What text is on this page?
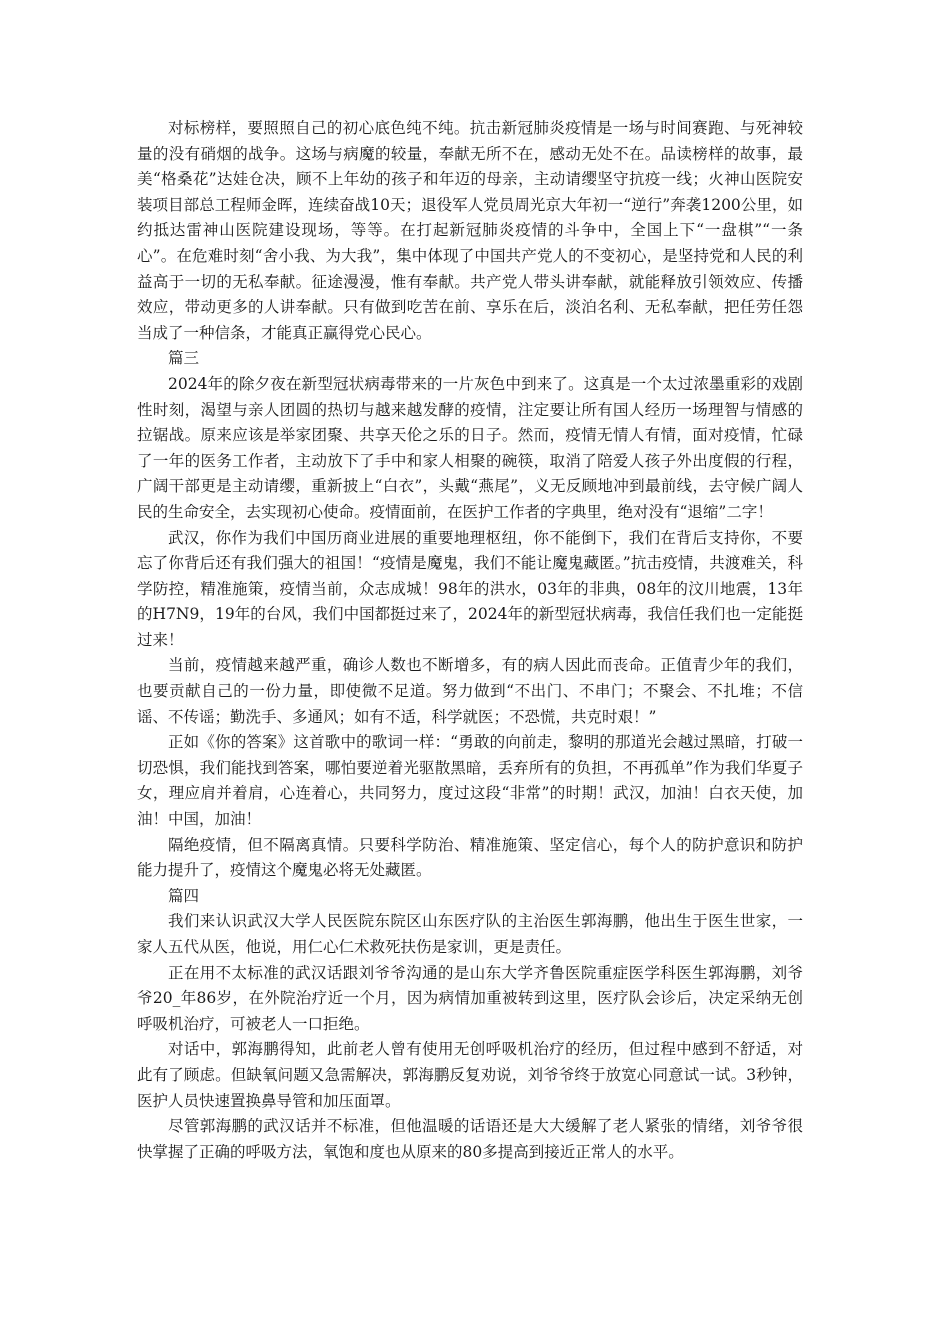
对标榜样，要照照自己的初心底色纯不纯。抗击新冠肺炎疫情是一场与时间赛跑、与死神较量的没有硝烟的战争。这场与病魔的较量，奉献无所不在，感动无处不在。品读榜样的故事，最美“格桑花”达娃仓决，顾不上年幼的孩子和年迈的母亲，主动请缨坚守抗疫一线；火神山医院安装项目部总工程师金晖，连续奋战10天；退役军人党员周光京大年初一“逆行”奔袭1200公里，如约抵达雷神山医院建设现场，等等。在打起新冠肺炎疫情的斗争中，全国上下“一盘棋”“一条心”。在危难时刻“舍小我、为大我”，集中体现了中国共产党人的不变初心，是坚持党和人民的利益高于一切的无私奉献。征途漫漫，惟有奉献。共产党人带头讲奉献，就能释放引领效应、传播效应，带动更多的人讲奉献。只有做到吃苦在前、享乐在后，淡泊名利、无私奉献，把任劳任怨当成了一种信条，才能真正赢得党心民心。

篇三

2024年的除夕夜在新型冠状病毒带来的一片灰色中到来了。这真是一个太过浓墨重彩的戏剧性时刻，渴望与亲人团圆的热切与越来越发酵的疫情，注定要让所有国人经历一场理智与情感的拉锯战。原来应该是举家团聚、共享天伦之乐的日子。然而，疫情无情人有情，面对疫情，忙碌了一年的医务工作者，主动放下了手中和家人相聚的碗筷，取消了陪爱人孩子外出度假的行程，广阔干部更是主动请缨，重新披上“白衣”，头戴“燕尾”，义无反顾地冲到最前线，去守候广阔人民的生命安全，去实现初心使命。疫情面前，在医护工作者的字典里，绝对没有“退缩”二字！

武汉，你作为我们中国历商业进展的重要地理枢纽，你不能倒下，我们在背后支持你，不要忘了你背后还有我们强大的祖国！“疫情是魔鬼，我们不能让魔鬼藏匿。”抗击疫情，共渡难关，科学防控，精准施策，疫情当前，众志成城！98年的洪水，03年的非典，08年的汶川地震，13年的H7N9，19年的台风，我们中国都挺过来了，2024年的新型冠状病毒，我信任我们也一定能挺过来！

当前，疫情越来越严重，确诊人数也不断增多，有的病人因此而丧命。正值青少年的我们，也要贡献自己的一份力量，即使微不足道。努力做到“不出门、不串门；不聚会、不扎堆；不信谣、不传谣；勤洗手、多通风；如有不适，科学就医；不恐慌，共克时艰！”

正如《你的答案》这首歌中的歌词一样：“勇敢的向前走，黎明的那道光会越过黑暗，打破一切恐惧，我们能找到答案，哪怕要逆着光驱散黑暗，丢弃所有的负担，不再孤单”作为我们华夏子女，理应肩并着肩，心连着心，共同努力，度过这段“非常”的时期！武汉，加油！白衣天使，加油！中国，加油！

隔绝疫情，但不隔离真情。只要科学防治、精准施策、坚定信心，每个人的防护意识和防护能力提升了，疫情这个魔鬼必将无处藏匿。

篇四

我们来认识武汉大学人民医院东院区山东医疗队的主治医生郭海鹏，他出生于医生世家，一家人五代从医，他说，用仁心仁术救死扶伤是家训，更是责任。

正在用不太标准的武汉话跟刘爷爷沟通的是山东大学齐鲁医院重症医学科医生郭海鹏，刘爷爷20_年86岁，在外院治疗近一个月，因为病情加重被转到这里，医疗队会诊后，决定采纳无创呼吸机治疗，可被老人一口拒绝。

对话中，郭海鹏得知，此前老人曾有使用无创呼吸机治疗的经历，但过程中感到不舒适，对此有了顾虑。但缺氧问题又急需解决，郭海鹏反复劝说，刘爷爷终于放宽心同意试一试。3秒钟，医护人员快速置换鼻导管和加压面罩。

尽管郭海鹏的武汉话并不标准，但他温暖的话语还是大大缓解了老人紧张的情绪，刘爷爷很快掌握了正确的呼吸方法，氧饱和度也从原来的80多提高到接近正常人的水平。
